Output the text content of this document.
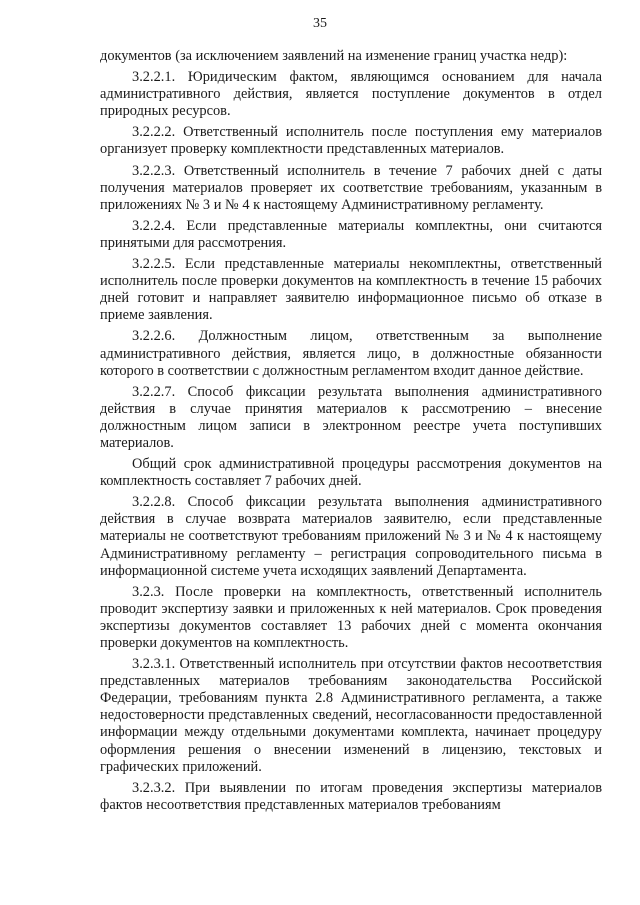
35

документов (за исключением заявлений на изменение границ участка недр):

3.2.2.1. Юридическим фактом, являющимся основанием для начала административного действия, является поступление документов в отдел природных ресурсов.

3.2.2.2. Ответственный исполнитель после поступления ему материалов организует проверку комплектности представленных материалов.

3.2.2.3. Ответственный исполнитель в течение 7 рабочих дней с даты получения материалов проверяет их соответствие требованиям, указанным в приложениях № 3 и № 4 к настоящему Административному регламенту.

3.2.2.4. Если представленные материалы комплектны, они считаются принятыми для рассмотрения.

3.2.2.5. Если представленные материалы некомплектны, ответственный исполнитель после проверки документов на комплектность в течение 15 рабочих дней готовит и направляет заявителю информационное письмо об отказе в приеме заявления.

3.2.2.6. Должностным лицом, ответственным за выполнение административного действия, является лицо, в должностные обязанности которого в соответствии с должностным регламентом входит данное действие.

3.2.2.7. Способ фиксации результата выполнения административного действия в случае принятия материалов к рассмотрению – внесение должностным лицом записи в электронном реестре учета поступивших материалов.

Общий срок административной процедуры рассмотрения документов на комплектность составляет 7 рабочих дней.

3.2.2.8. Способ фиксации результата выполнения административного действия в случае возврата материалов заявителю, если представленные материалы не соответствуют требованиям приложений № 3 и № 4 к настоящему Административному регламенту – регистрация сопроводительного письма в информационной системе учета исходящих заявлений Департамента.

3.2.3. После проверки на комплектность, ответственный исполнитель проводит экспертизу заявки и приложенных к ней материалов. Срок проведения экспертизы документов составляет 13 рабочих дней с момента окончания проверки документов на комплектность.

3.2.3.1. Ответственный исполнитель при отсутствии фактов несоответствия представленных материалов требованиям законодательства Российской Федерации, требованиям пункта 2.8 Административного регламента, а также недостоверности представленных сведений, несогласованности предоставленной информации между отдельными документами комплекта, начинает процедуру оформления решения о внесении изменений в лицензию, текстовых и графических приложений.

3.2.3.2. При выявлении по итогам проведения экспертизы материалов фактов несоответствия представленных материалов требованиям
